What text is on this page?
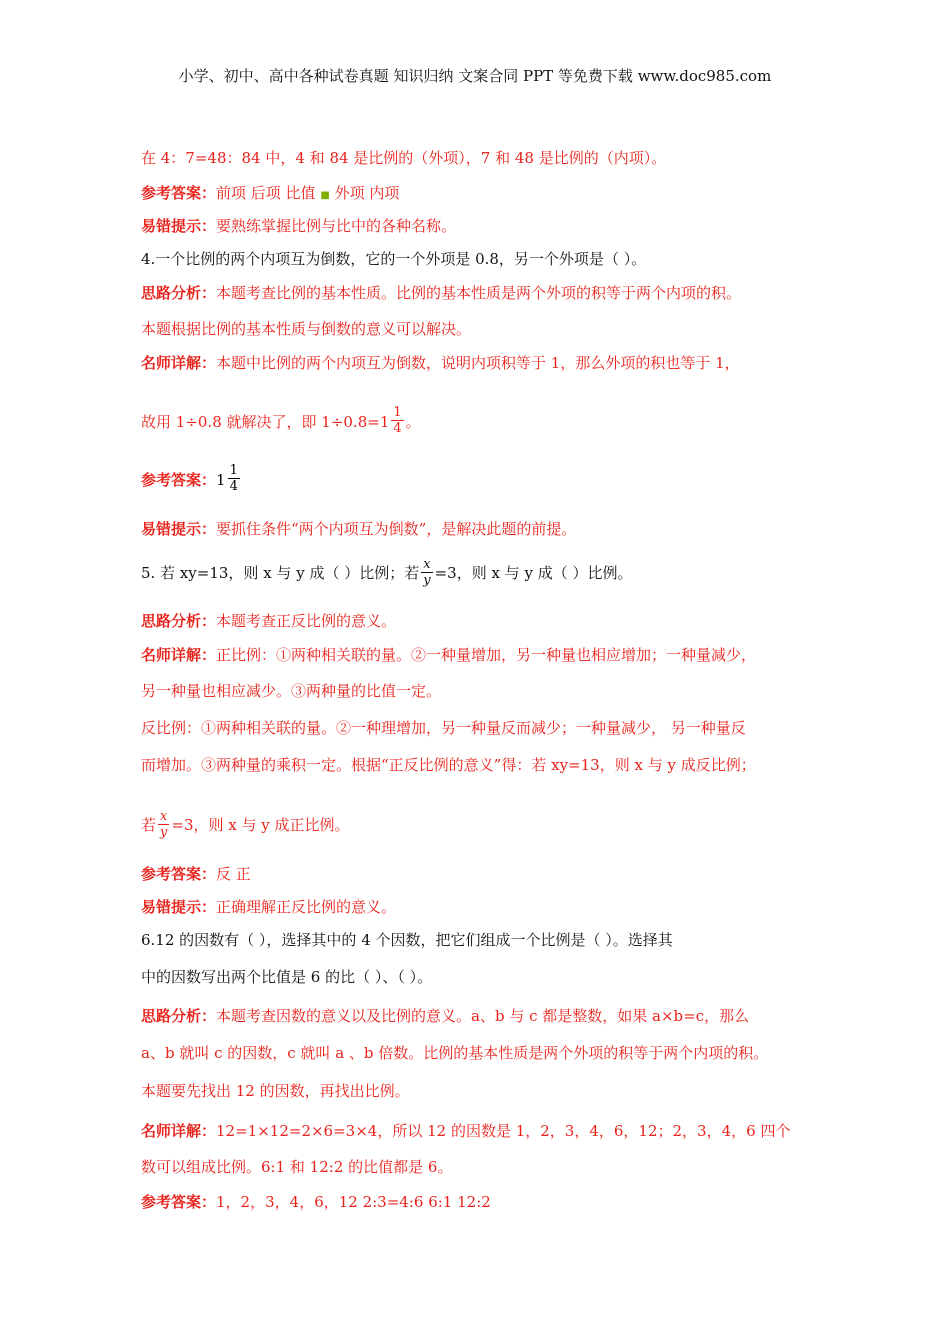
小学、初中、高中各种试卷真题 知识归纳 文案合同 PPT 等免费下载 www.doc985.com
在 4：7=48：84 中，4 和 84 是比例的（外项），7 和 48 是比例的（内项）。
参考答案：前项 后项 比值 ■ 外项 内项
易错提示：要熟练掌握比例与比中的各种名称。
4.一个比例的两个内项互为倒数，它的一个外项是 0.8，另一个外项是（ ）。
思路分析：本题考查比例的基本性质。比例的基本性质是两个外项的积等于两个内项的积。
本题根据比例的基本性质与倒数的意义可以解决。
名师详解：本题中比例的两个内项互为倒数，说明内项积等于 1，那么外项的积也等于 1，
故用 1÷0.8 就解决了，即 $1\div 0.8= 1 \frac{1}{4}$ 。
参考答案： $1 \frac{1}{4}$
易错提示：要抓住条件“两个内项互为倒数”，是解决此题的前提。
5. 若 xy=13，则 x 与 y 成（ ）比例；若 $\frac{x}{y} =3$，则 x 与 y 成（ ）比例。
思路分析：本题考查正反比例的意义。
名师详解：正比例：①两种相关联的量。②一种量增加，另一种量也相应增加；一种量减少，
另一种量也相应减少。③两种量的比值一定。
反比例：①两种相关联的量。②一种理增加，另一种量反而减少；一种量减少， 另一种量反
而增加。③两种量的乘积一定。根据“正反比例的意义”得：若 xy=13，则 x 与 y 成反比例；
若 $\frac{x}{y} =3$，则 x 与 y 成正比例。
参考答案：反 正
易错提示：正确理解正反比例的意义。
6.12 的因数有（ ），选择其中的 4 个因数，把它们组成一个比例是（ ）。选择其
中的因数写出两个比值是 6 的比（ ）、（ ）。
思路分析：本题考查因数的意义以及比例的意义。a、b 与 c 都是整数，如果 a×b=c，那么
a、b 就叫 c 的因数，c 就叫 a 、b 倍数。比例的基本性质是两个外项的积等于两个内项的积。
本题要先找出 12 的因数，再找出比例。
名师详解：12=1×12=2×6=3×4，所以 12 的因数是 1，2，3，4，6，12；2，3，4，6 四个
数可以组成比例。6:1 和 12:2 的比值都是 6。
参考答案：1，2，3，4，6，12 2:3=4:6 6:1 12:2
